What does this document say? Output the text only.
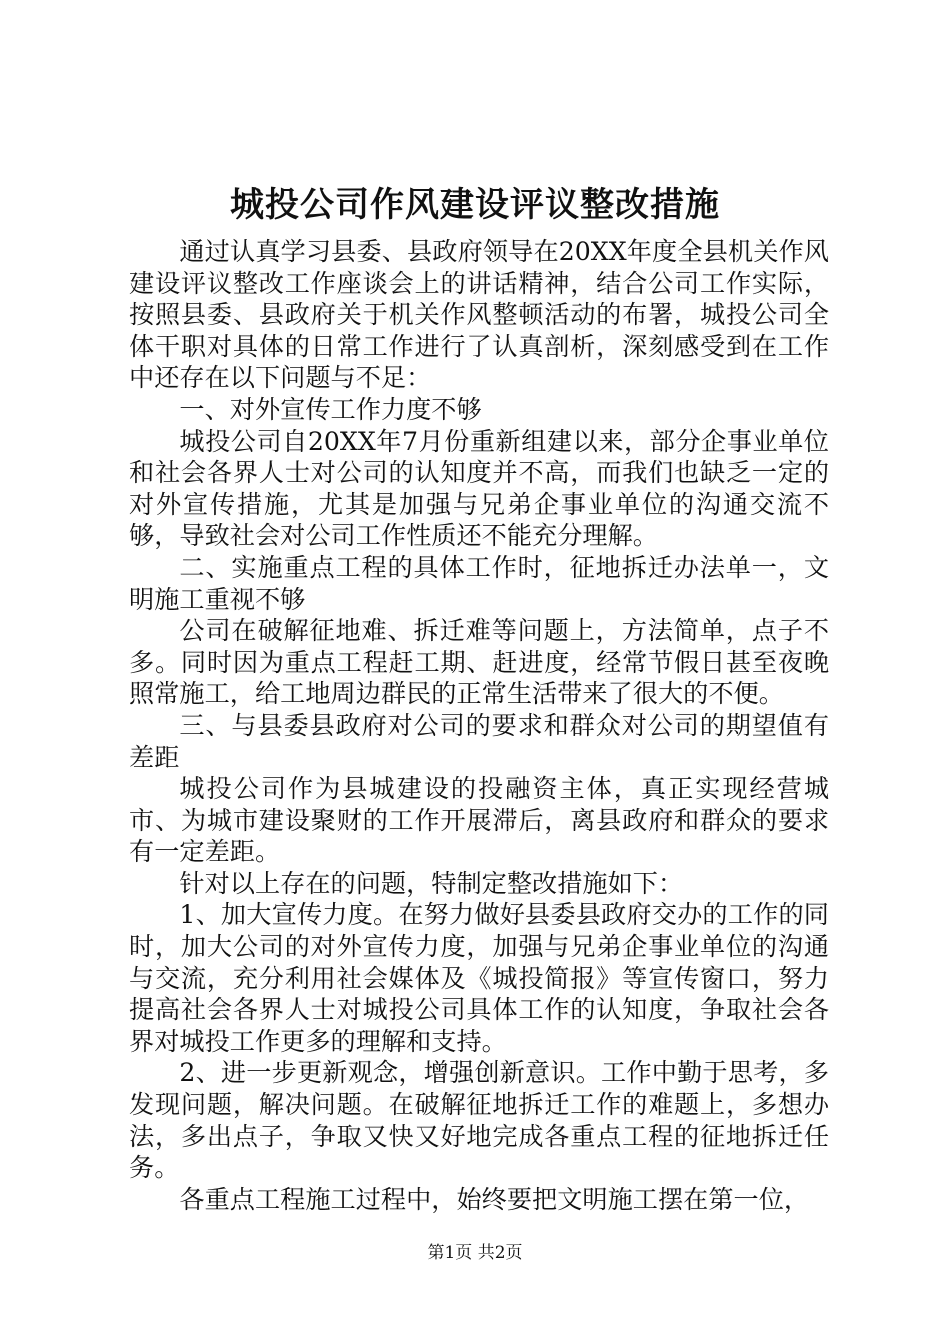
城投公司作风建设评议整改措施

通过认真学习县委、县政府领导在20XX年度全县机关作风建设评议整改工作座谈会上的讲话精神，结合公司工作实际，按照县委、县政府关于机关作风整顿活动的布署，城投公司全体干职对具体的日常工作进行了认真剖析，深刻感受到在工作中还存在以下问题与不足：

一、对外宣传工作力度不够

城投公司自20XX年7月份重新组建以来，部分企事业单位和社会各界人士对公司的认知度并不高，而我们也缺乏一定的对外宣传措施，尤其是加强与兄弟企事业单位的沟通交流不够，导致社会对公司工作性质还不能充分理解。

二、实施重点工程的具体工作时，征地拆迁办法单一，文明施工重视不够

公司在破解征地难、拆迁难等问题上，方法简单，点子不多。同时因为重点工程赶工期、赶进度，经常节假日甚至夜晚照常施工，给工地周边群民的正常生活带来了很大的不便。

三、与县委县政府对公司的要求和群众对公司的期望值有差距

城投公司作为县城建设的投融资主体，真正实现经营城市、为城市建设聚财的工作开展滞后，离县政府和群众的要求有一定差距。

针对以上存在的问题，特制定整改措施如下：

1、加大宣传力度。在努力做好县委县政府交办的工作的同时，加大公司的对外宣传力度，加强与兄弟企事业单位的沟通与交流，充分利用社会媒体及《城投简报》等宣传窗口，努力提高社会各界人士对城投公司具体工作的认知度，争取社会各界对城投工作更多的理解和支持。

2、进一步更新观念，增强创新意识。工作中勤于思考，多发现问题，解决问题。在破解征地拆迁工作的难题上，多想办法，多出点子，争取又快又好地完成各重点工程的征地拆迁任务。

各重点工程施工过程中，始终要把文明施工摆在第一位，

第1页 共2页
